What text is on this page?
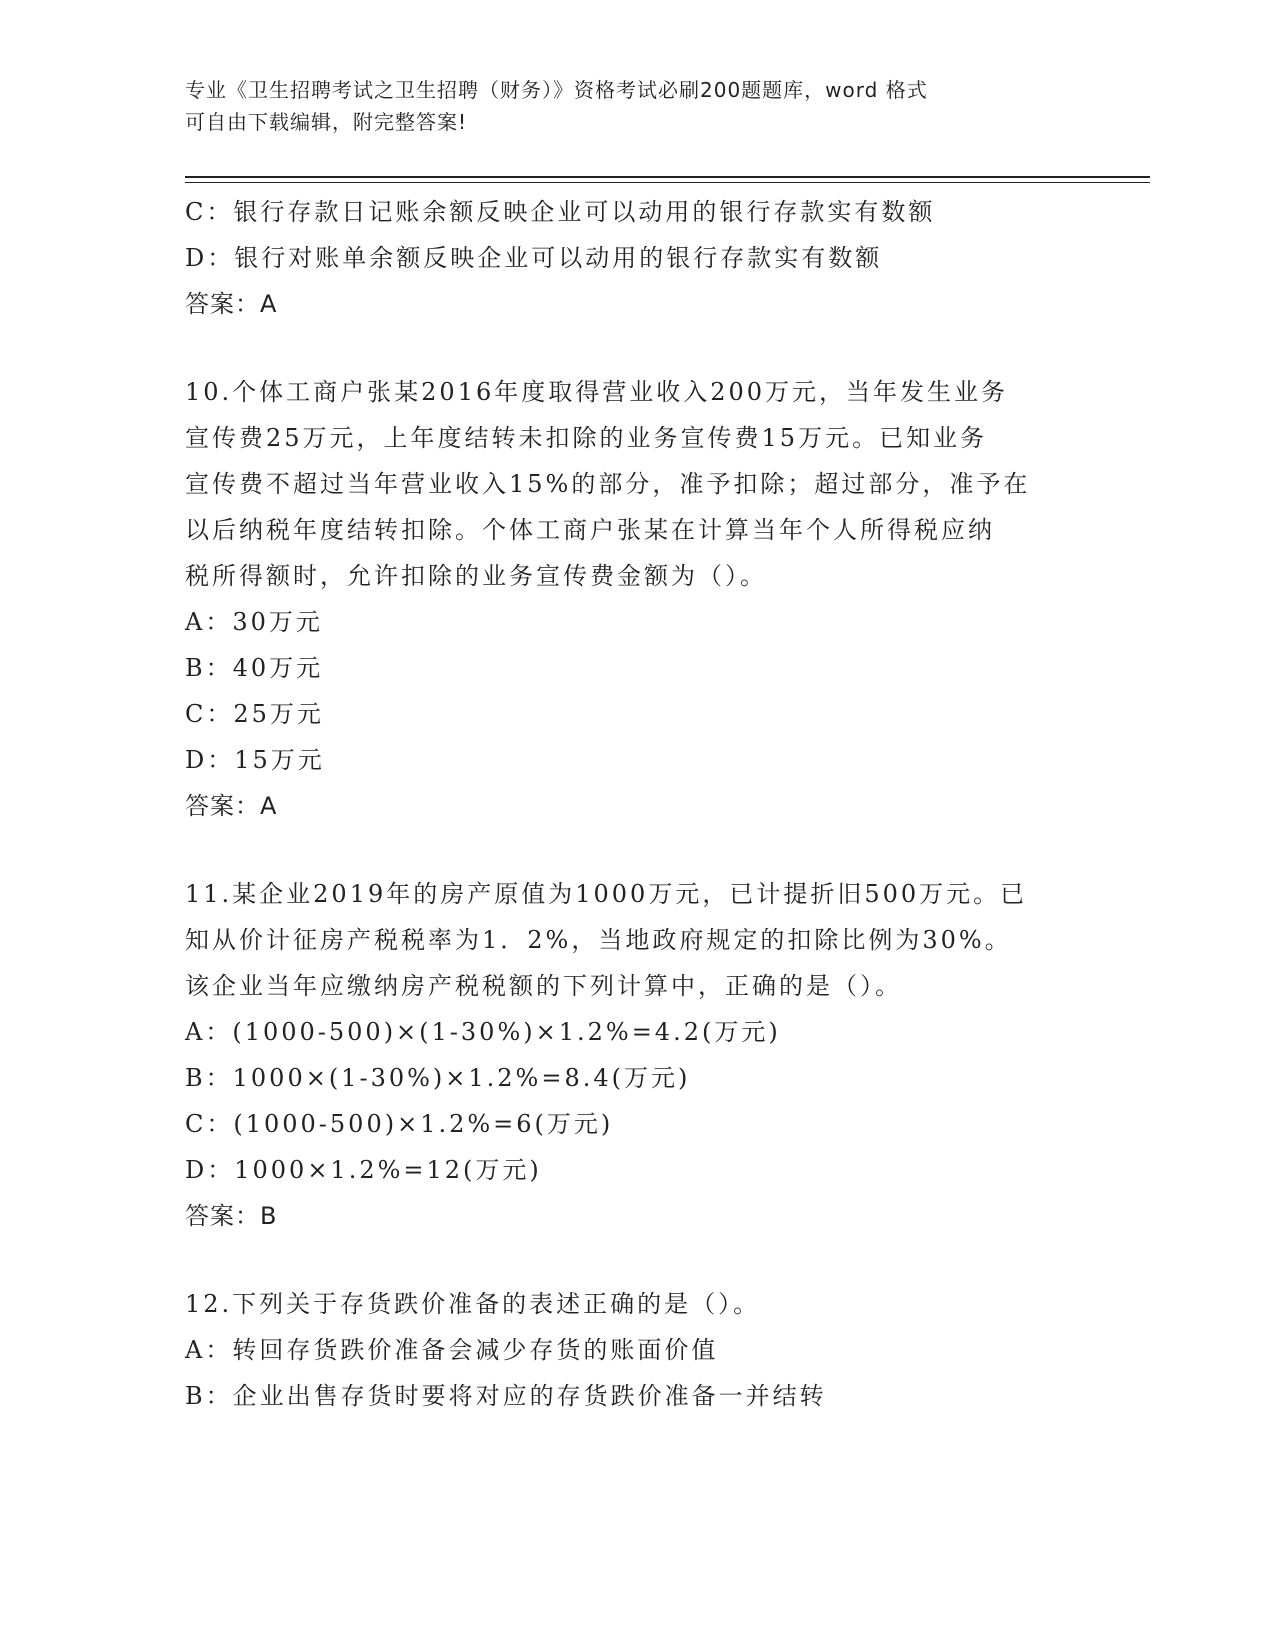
专业《卫生招聘考试之卫生招聘（财务）》资格考试必刷200题题库，word 格式
可自由下载编辑，附完整答案!

C：银行存款日记账余额反映企业可以动用的银行存款实有数额

D：银行对账单余额反映企业可以动用的银行存款实有数额

答案：A

10.个体工商户张某2016年度取得营业收入200万元，当年发生业务

宣传费25万元，上年度结转未扣除的业务宣传费15万元。已知业务

宣传费不超过当年营业收入15%的部分，准予扣除；超过部分，准予在

以后纳税年度结转扣除。个体工商户张某在计算当年个人所得税应纳

税所得额时，允许扣除的业务宣传费金额为（）。

A：30万元

B：40万元

C：25万元

D：15万元

答案：A

11.某企业2019年的房产原值为1000万元，已计提折旧500万元。已

知从价计征房产税税率为1．2%，当地政府规定的扣除比例为30%。

该企业当年应缴纳房产税税额的下列计算中，正确的是（）。

A：(1000-500)×(1-30%)×1.2%=4.2(万元)

B：1000×(1-30%)×1.2%=8.4(万元)

C：(1000-500)×1.2%=6(万元)

D：1000×1.2%=12(万元)

答案：B

12.下列关于存货跌价准备的表述正确的是（）。

A：转回存货跌价准备会减少存货的账面价值

B：企业出售存货时要将对应的存货跌价准备一并结转
